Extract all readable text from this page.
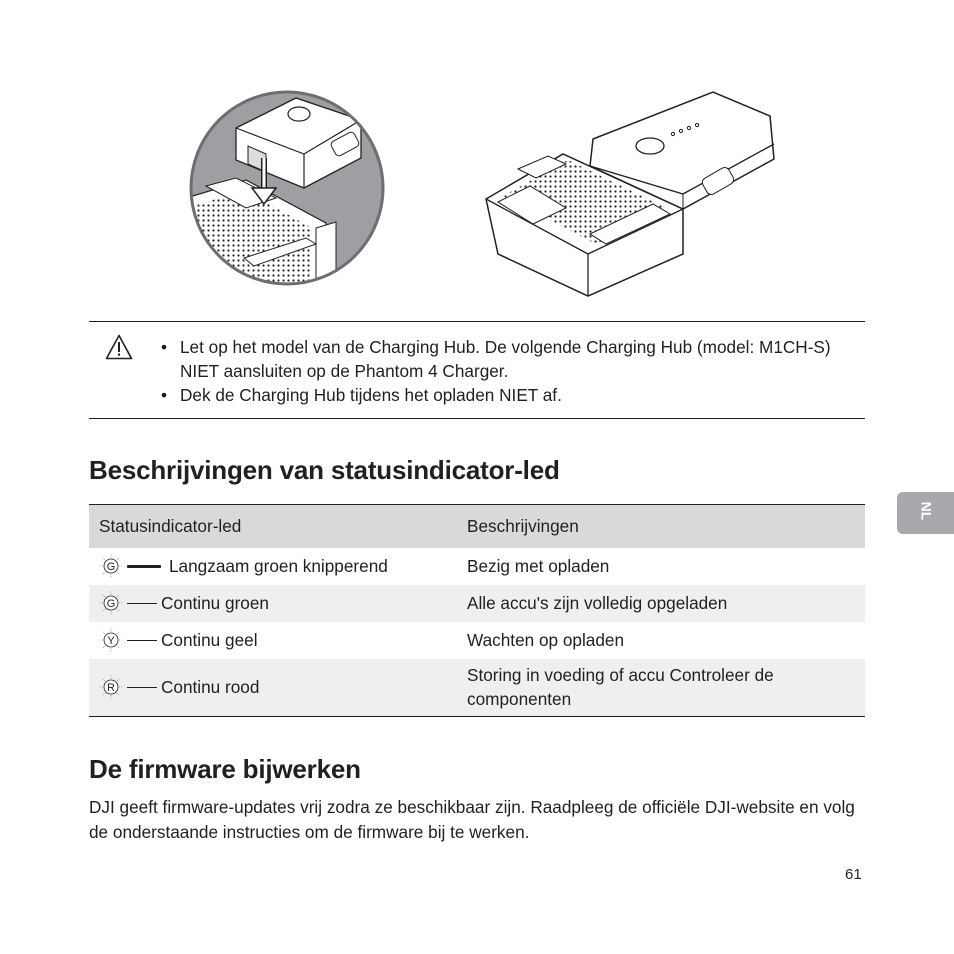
• Let op het model van de Charging Hub. De volgende Charging Hub (model: M1CH-S) NIET aansluiten op de Phantom 4 Charger.
• Dek de Charging Hub tijdens het opladen NIET af.
Beschrijvingen van statusindicator-led
Statusindicator-led	Beschrijvingen

G Langzaam groen knipperend	Bezig met opladen

G Continu groen	Alle accu's zijn volledig opgeladen

Y Continu geel	Wachten op opladen

R Continu rood	Storing in voeding of accu Controleer de componenten
De firmware bijwerken

DJI geeft firmware-updates vrij zodra ze beschikbaar zijn. Raadpleeg de officiële DJI-website en volg de onderstaande instructies om de firmware bij te werken.

61
NL
